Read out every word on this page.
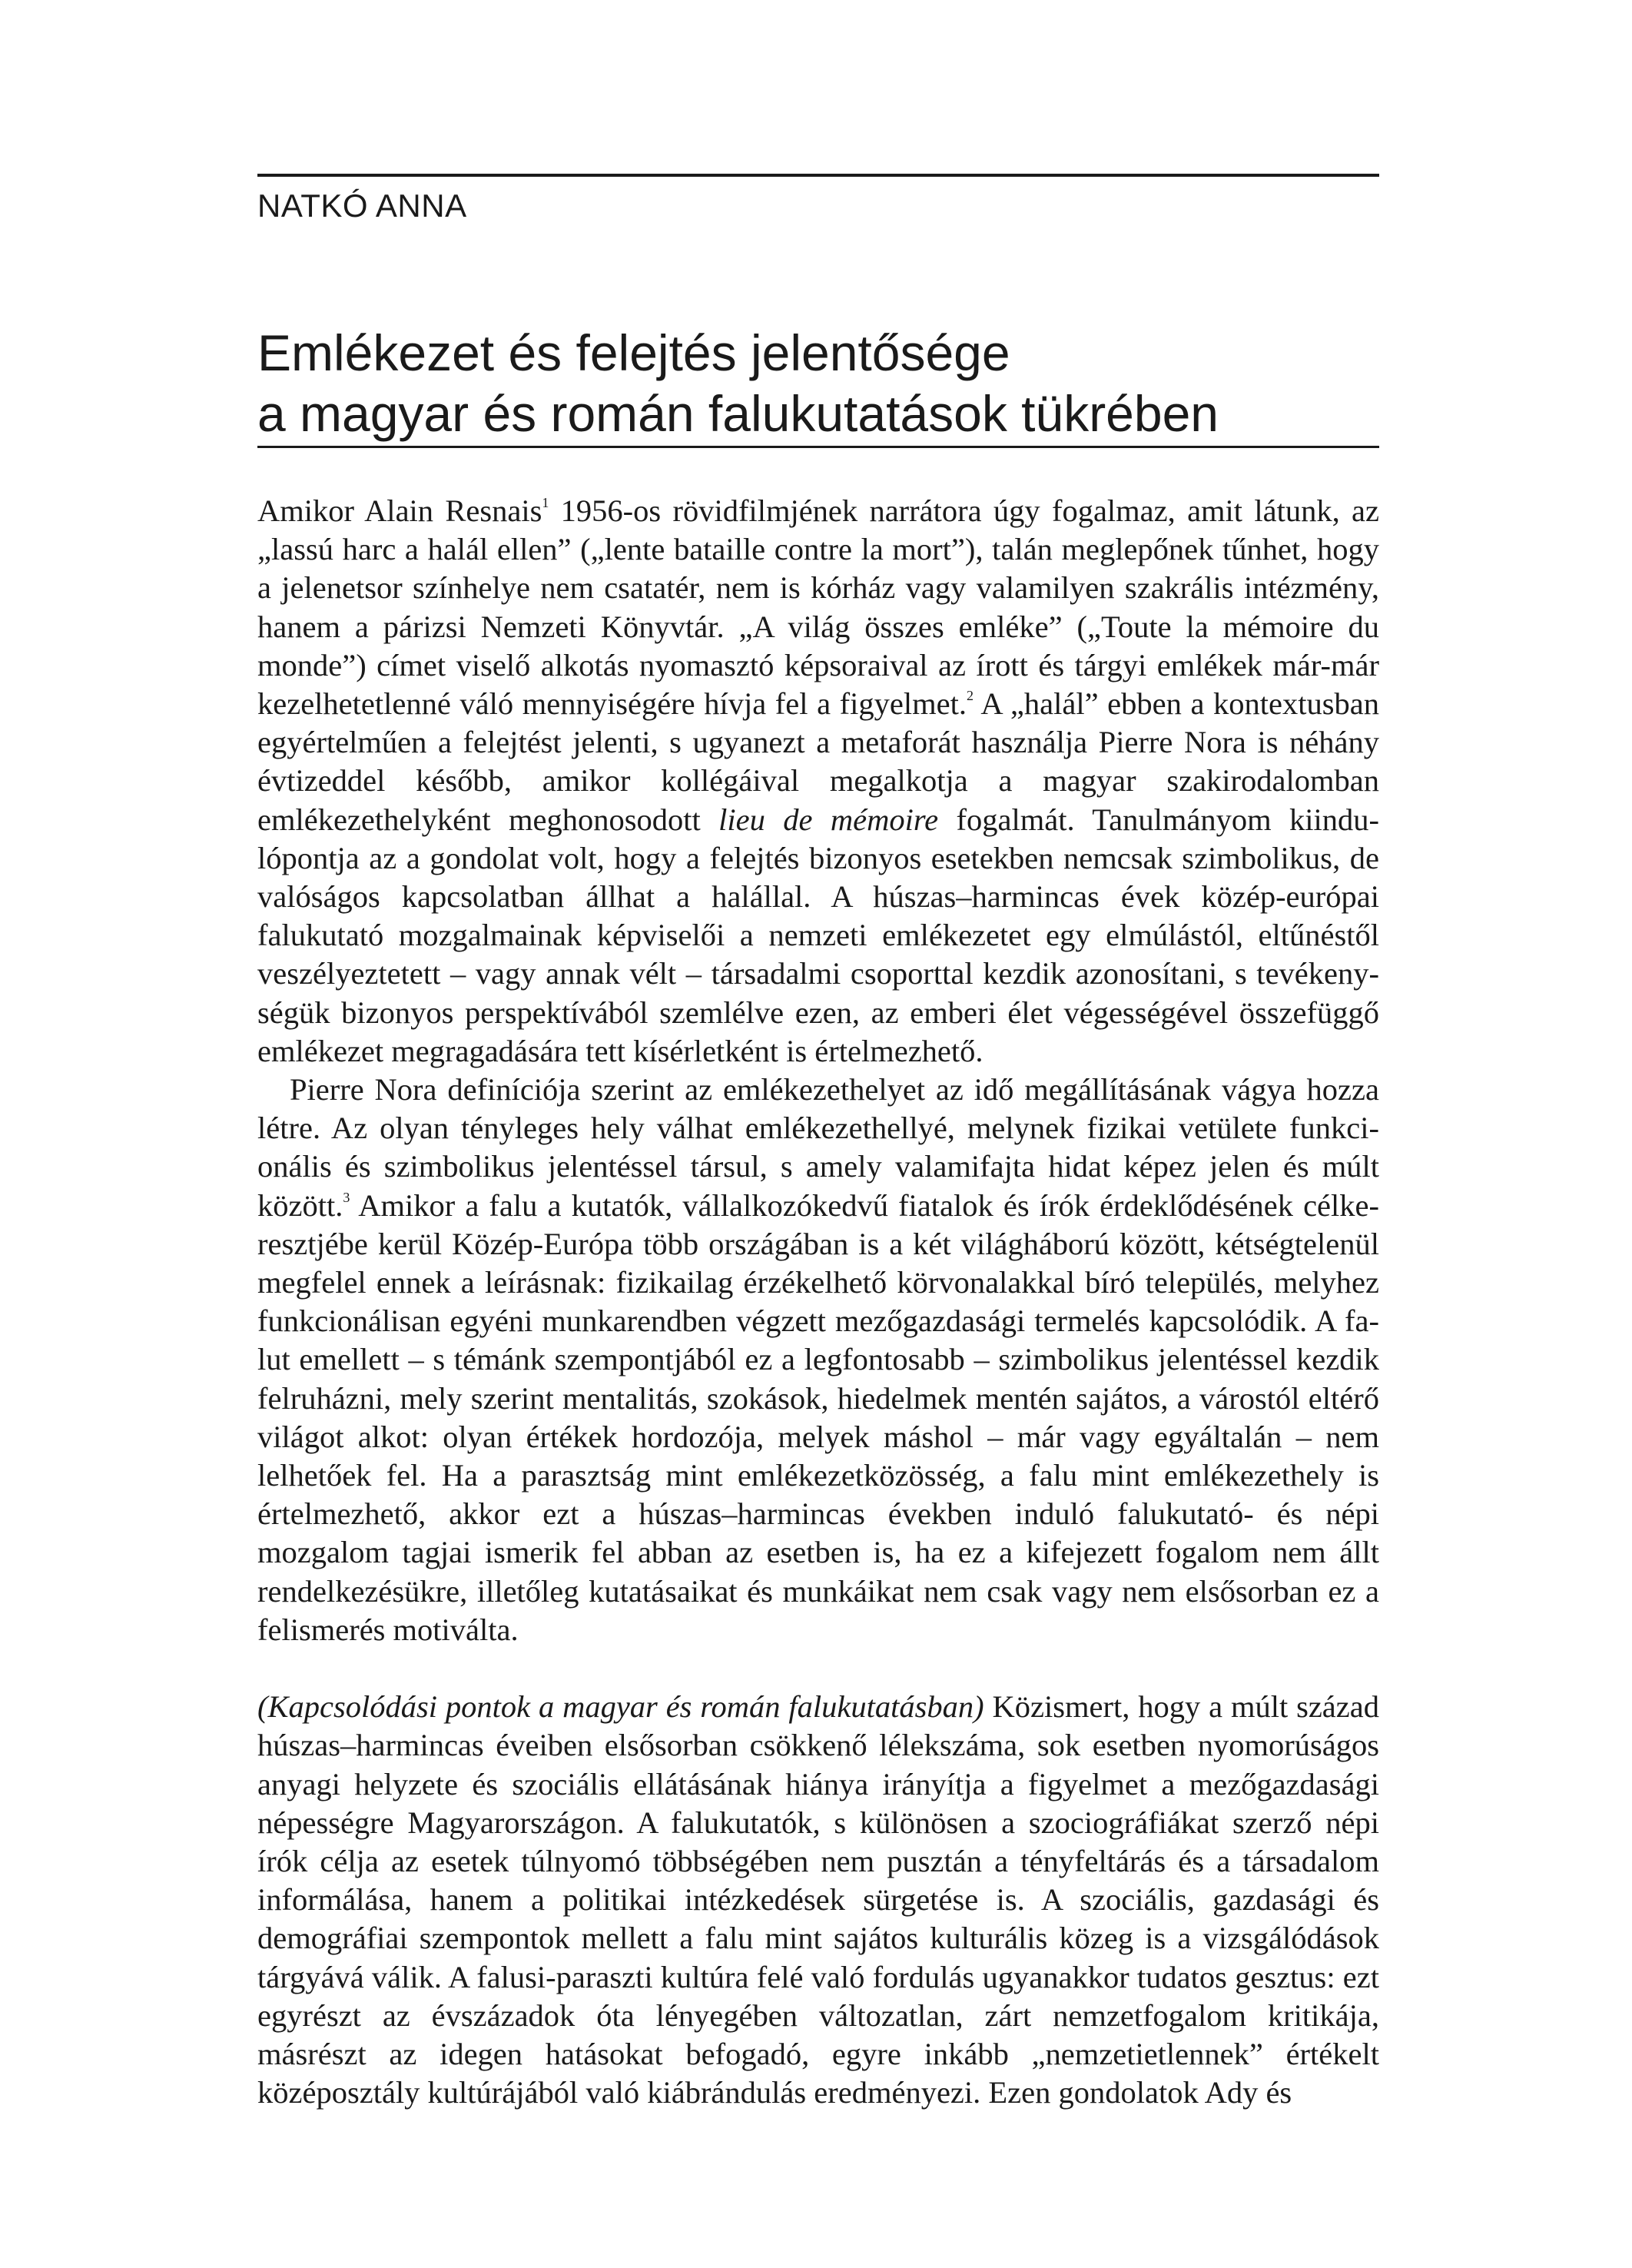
NATKÓ ANNA
Emlékezet és felejtés jelentősége
a magyar és román falukutatások tükrében

Amikor Alain Resnais$^1$ 1956-os rövidfilmjének narrátora úgy fogalmaz, amit látunk, az „lassú harc a halál ellen” („lente bataille contre la mort”), talán meglepőnek tűnhet, hogy a jelenetsor színhelye nem csatatér, nem is kórház vagy valamilyen szakrális intézmény, hanem a párizsi Nemzeti Könyvtár. „A világ összes emléke” („Toute la mémoire du monde”) címet viselő alkotás nyomasztó képsoraival az írott és tárgyi emlékek már-már kezelhetetlenné váló mennyiségére hívja fel a figyelmet.$^2$ A „halál” ebben a kontextusban egyértelműen a felejtést jelenti, s ugyanezt a metaforát használja Pierre Nora is néhány évtizeddel később, amikor kollégáival megalkotja a magyar szakirodalomban emlékezethelyként meghonosodott lieu de mémoire fogalmát. Tanulmányom kiindulópontja az a gondolat volt, hogy a felejtés bizonyos esetekben nemcsak szimbolikus, de valóságos kapcsolatban állhat a halállal. A húszas–harmincas évek közép-európai falukutató mozgalmainak képviselői a nemzeti emlékezetet egy elmúlástól, eltűnéstől veszélyeztetett – vagy annak vélt – társadalmi csoporttal kezdik azonosítani, s tevékenységük bizonyos perspektívából szemlélve ezen, az emberi élet végességével összefüggő emlékezet megragadására tett kísérletként is értelmezhető.

Pierre Nora definíciója szerint az emlékezethelyet az idő megállításának vágya hozza létre. Az olyan tényleges hely válhat emlékezethellyé, melynek fizikai vetülete funkcionális és szimbolikus jelentéssel társul, s amely valamifajta hidat képez jelen és múlt között.$^3$ Amikor a falu a kutatók, vállalkozókedvű fiatalok és írók érdeklődésének célkeresztjébe kerül Közép-Európa több országában is a két világháború között, kétségtelenül megfelel ennek a leírásnak: fizikailag érzékelhető körvonalakkal bíró település, melyhez funkcionálisan egyéni munkarendben végzett mezőgazdasági termelés kapcsolódik. A falut emellett – s témánk szempontjából ez a legfontosabb – szimbolikus jelentéssel kezdik felruházni, mely szerint mentalitás, szokások, hiedelmek mentén sajátos, a várostól eltérő világot alkot: olyan értékek hordozója, melyek máshol – már vagy egyáltalán – nem lelhetőek fel. Ha a parasztság mint emlékezetközösség, a falu mint emlékezethely is értelmezhető, akkor ezt a húszas–harmincas években induló falukutató- és népi mozgalom tagjai ismerik fel abban az esetben is, ha ez a kifejezett fogalom nem állt rendelkezésükre, illetőleg kutatásaikat és munkáikat nem csak vagy nem elsősorban ez a felismerés motiválta.

(Kapcsolódási pontok a magyar és román falukutatásban) Közismert, hogy a múlt század húszas–harmincas éveiben elsősorban csökkenő lélekszáma, sok esetben nyomorúságos anyagi helyzete és szociális ellátásának hiánya irányítja a figyelmet a mezőgazdasági népességre Magyarországon. A falukutatók, s különösen a szociográfiákat szerző népi írók célja az esetek túlnyomó többségében nem pusztán a tényfeltárás és a társadalom informálása, hanem a politikai intézkedések sürgetése is. A szociális, gazdasági és demográfiai szempontok mellett a falu mint sajátos kulturális közeg is a vizsgálódások tárgyává válik. A falusi-paraszti kultúra felé való fordulás ugyanakkor tudatos gesztus: ezt egyrészt az évszázadok óta lényegében változatlan, zárt nemzetfogalom kritikája, másrészt az idegen hatásokat befogadó, egyre inkább „nemzetietlennek” értékelt középosztály kultúrájából való kiábrándulás eredményezi. Ezen gondolatok Ady és
